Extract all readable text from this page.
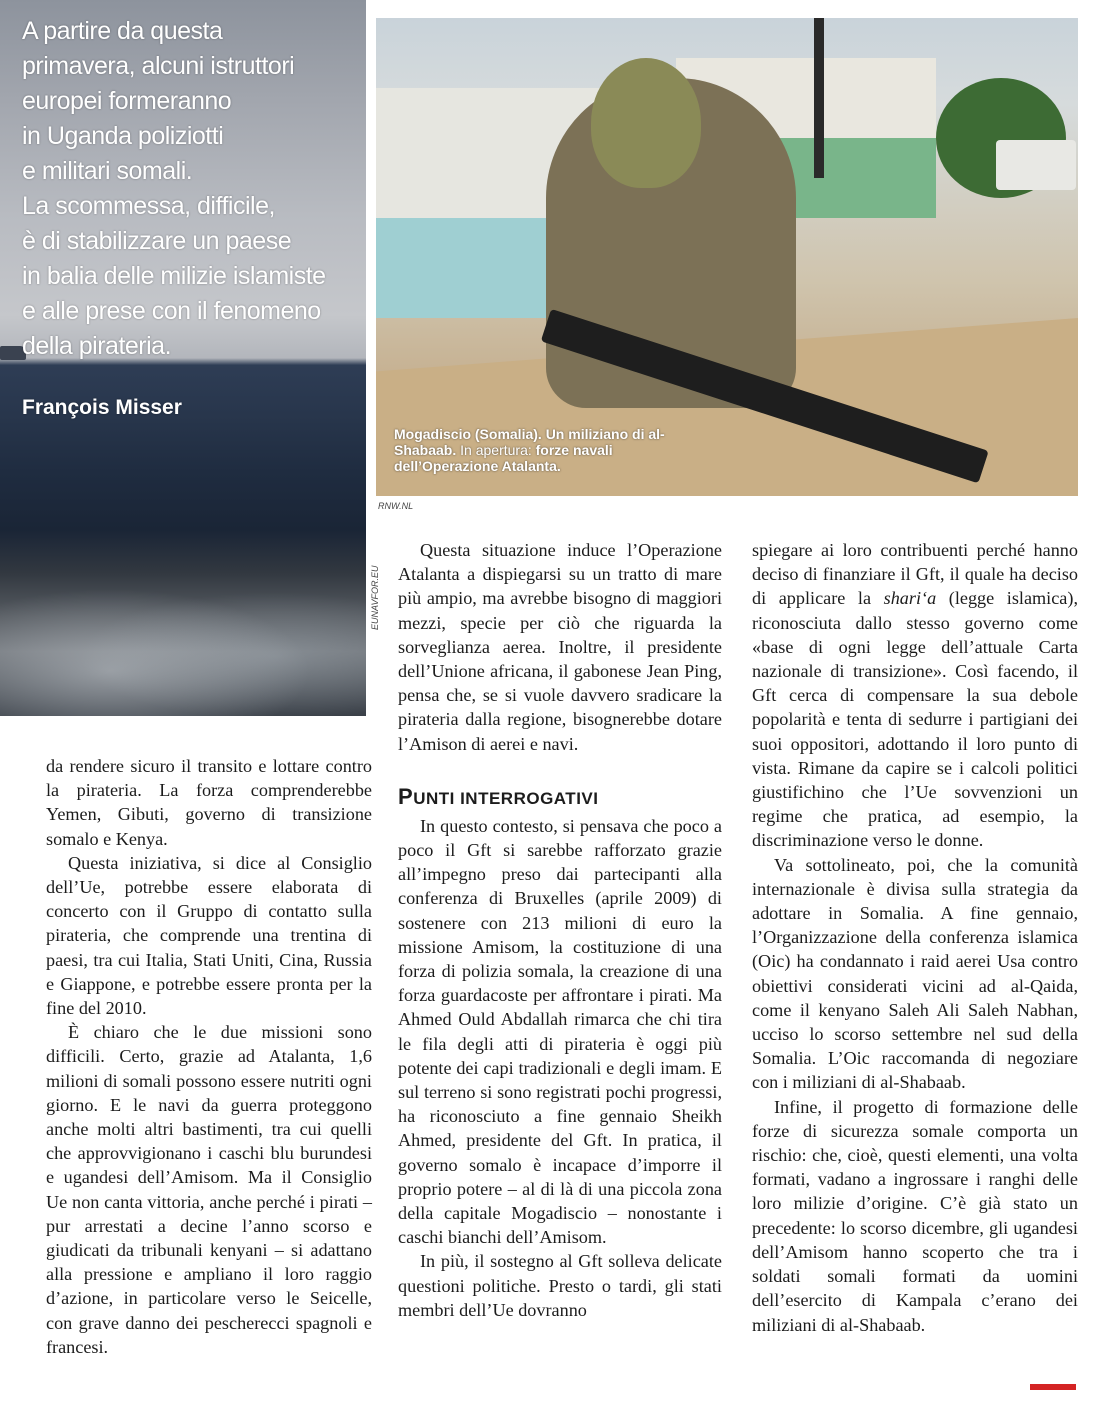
A partire da questa
primavera, alcuni istruttori
europei formeranno
in Uganda poliziotti
e militari somali.
La scommessa, difficile,
è di stabilizzare un paese
in balia delle milizie islamiste
e alle prese con il fenomeno
della pirateria.

François Misser

EUNAVFOR.EU

Mogadiscio (Somalia). Un miliziano di al-Shabaab. In apertura: forze navali dell’Operazione Atalanta.

RNW.NL

da rendere sicuro il transito e lottare contro la pirateria. La forza comprenderebbe Yemen, Gibuti, governo di transizione somalo e Kenya.

Questa iniziativa, si dice al Consiglio dell’Ue, potrebbe essere elaborata di concerto con il Gruppo di contatto sulla pirateria, che comprende una trentina di paesi, tra cui Italia, Stati Uniti, Cina, Russia e Giappone, e potrebbe essere pronta per la fine del 2010.

È chiaro che le due missioni sono difficili. Certo, grazie ad Atalanta, 1,6 milioni di somali possono essere nutriti ogni giorno. E le navi da guerra proteggono anche molti altri bastimenti, tra cui quelli che approvvigionano i caschi blu burundesi e ugandesi dell’Amisom. Ma il Consiglio Ue non canta vittoria, anche perché i pirati – pur arrestati a decine l’anno scorso e giudicati da tribunali kenyani – si adattano alla pressione e ampliano il loro raggio d’azione, in particolare verso le Seicelle, con grave danno dei pescherecci spagnoli e francesi.

Questa situazione induce l’Operazione Atalanta a dispiegarsi su un tratto di mare più ampio, ma avrebbe bisogno di maggiori mezzi, specie per ciò che riguarda la sorveglianza aerea. Inoltre, il presidente dell’Unione africana, il gabonese Jean Ping, pensa che, se si vuole davvero sradicare la pirateria dalla regione, bisognerebbe dotare l’Amison di aerei e navi.

PUNTI INTERROGATIVI

In questo contesto, si pensava che poco a poco il Gft si sarebbe rafforzato grazie all’impegno preso dai partecipanti alla conferenza di Bruxelles (aprile 2009) di sostenere con 213 milioni di euro la missione Amisom, la costituzione di una forza di polizia somala, la creazione di una forza guardacoste per affrontare i pirati. Ma Ahmed Ould Abdallah rimarca che chi tira le fila degli atti di pirateria è oggi più potente dei capi tradizionali e degli imam. E sul terreno si sono registrati pochi progressi, ha riconosciuto a fine gennaio Sheikh Ahmed, presidente del Gft. In pratica, il governo somalo è incapace d’imporre il proprio potere – al di là di una piccola zona della capitale Mogadiscio – nonostante i caschi bianchi dell’Amisom.

In più, il sostegno al Gft solleva delicate questioni politiche. Presto o tardi, gli stati membri dell’Ue dovranno

spiegare ai loro contribuenti perché hanno deciso di finanziare il Gft, il quale ha deciso di applicare la shari‘a (legge islamica), riconosciuta dallo stesso governo come «base di ogni legge dell’attuale Carta nazionale di transizione». Così facendo, il Gft cerca di compensare la sua debole popolarità e tenta di sedurre i partigiani dei suoi oppositori, adottando il loro punto di vista. Rimane da capire se i calcoli politici giustifichino che l’Ue sovvenzioni un regime che pratica, ad esempio, la discriminazione verso le donne.

Va sottolineato, poi, che la comunità internazionale è divisa sulla strategia da adottare in Somalia. A fine gennaio, l’Organizzazione della conferenza islamica (Oic) ha condannato i raid aerei Usa contro obiettivi considerati vicini ad al-Qaida, come il kenyano Saleh Ali Saleh Nabhan, ucciso lo scorso settembre nel sud della Somalia. L’Oic raccomanda di negoziare con i miliziani di al-Shabaab.

Infine, il progetto di formazione delle forze di sicurezza somale comporta un rischio: che, cioè, questi elementi, una volta formati, vadano a ingrossare i ranghi delle loro milizie d’origine. C’è già stato un precedente: lo scorso dicembre, gli ugandesi dell’Amisom hanno scoperto che tra i soldati somali formati da uomini dell’esercito di Kampala c’erano dei miliziani di al-Shabaab.
